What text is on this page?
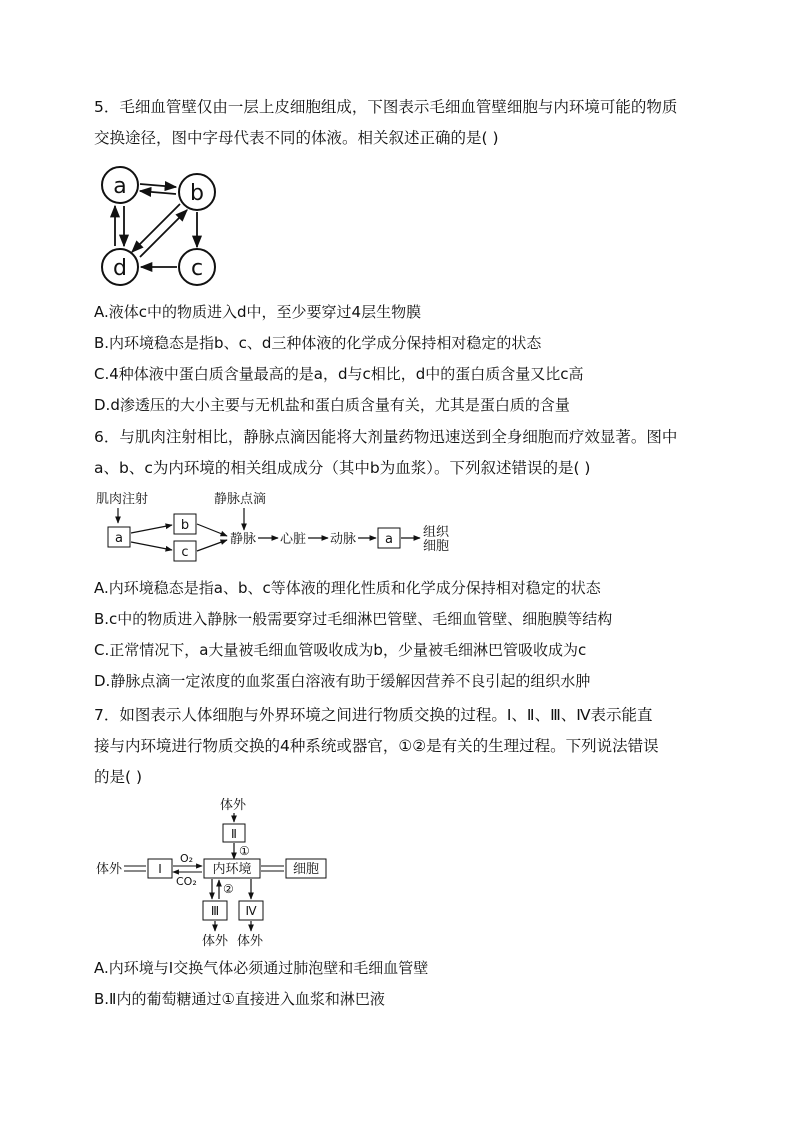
5．毛细血管壁仅由一层上皮细胞组成，下图表示毛细血管壁细胞与内环境可能的物质
交换途径，图中字母代表不同的体液。相关叙述正确的是( )
a	b
d	c
A.液体c中的物质进入d中，至少要穿过4层生物膜
B.内环境稳态是指b、c、d三种体液的化学成分保持相对稳定的状态
C.4种体液中蛋白质含量最高的是a，d与c相比，d中的蛋白质含量又比c高
D.d渗透压的大小主要与无机盐和蛋白质含量有关，尤其是蛋白质的含量
6．与肌肉注射相比，静脉点滴因能将大剂量药物迅速送到全身细胞而疗效显著。图中
a、b、c为内环境的相关组成成分（其中b为血浆）。下列叙述错误的是( )
肌肉注射
a
b
c
静脉点滴
静脉 心脏 动脉 a 组织
细胞
A.内环境稳态是指a、b、c等体液的理化性质和化学成分保持相对稳定的状态
B.c中的物质进入静脉一般需要穿过毛细淋巴管壁、毛细血管壁、细胞膜等结构
C.正常情况下，a大量被毛细血管吸收成为b，少量被毛细淋巴管吸收成为c
D.静脉点滴一定浓度的血浆蛋白溶液有助于缓解因营养不良引起的组织水肿
7．如图表示人体细胞与外界环境之间进行物质交换的过程。Ⅰ、Ⅱ、Ⅲ、Ⅳ表示能直
接与内环境进行物质交换的4种系统或器官，①②是有关的生理过程。下列说法错误
的是( )
体外
Ⅱ
①
体外	Ⅰ
O₂
CO₂
内环境	细胞
②
Ⅲ Ⅳ
体外 体外
A.内环境与Ⅰ交换气体必须通过肺泡壁和毛细血管壁
B.Ⅱ内的葡萄糖通过①直接进入血浆和淋巴液
